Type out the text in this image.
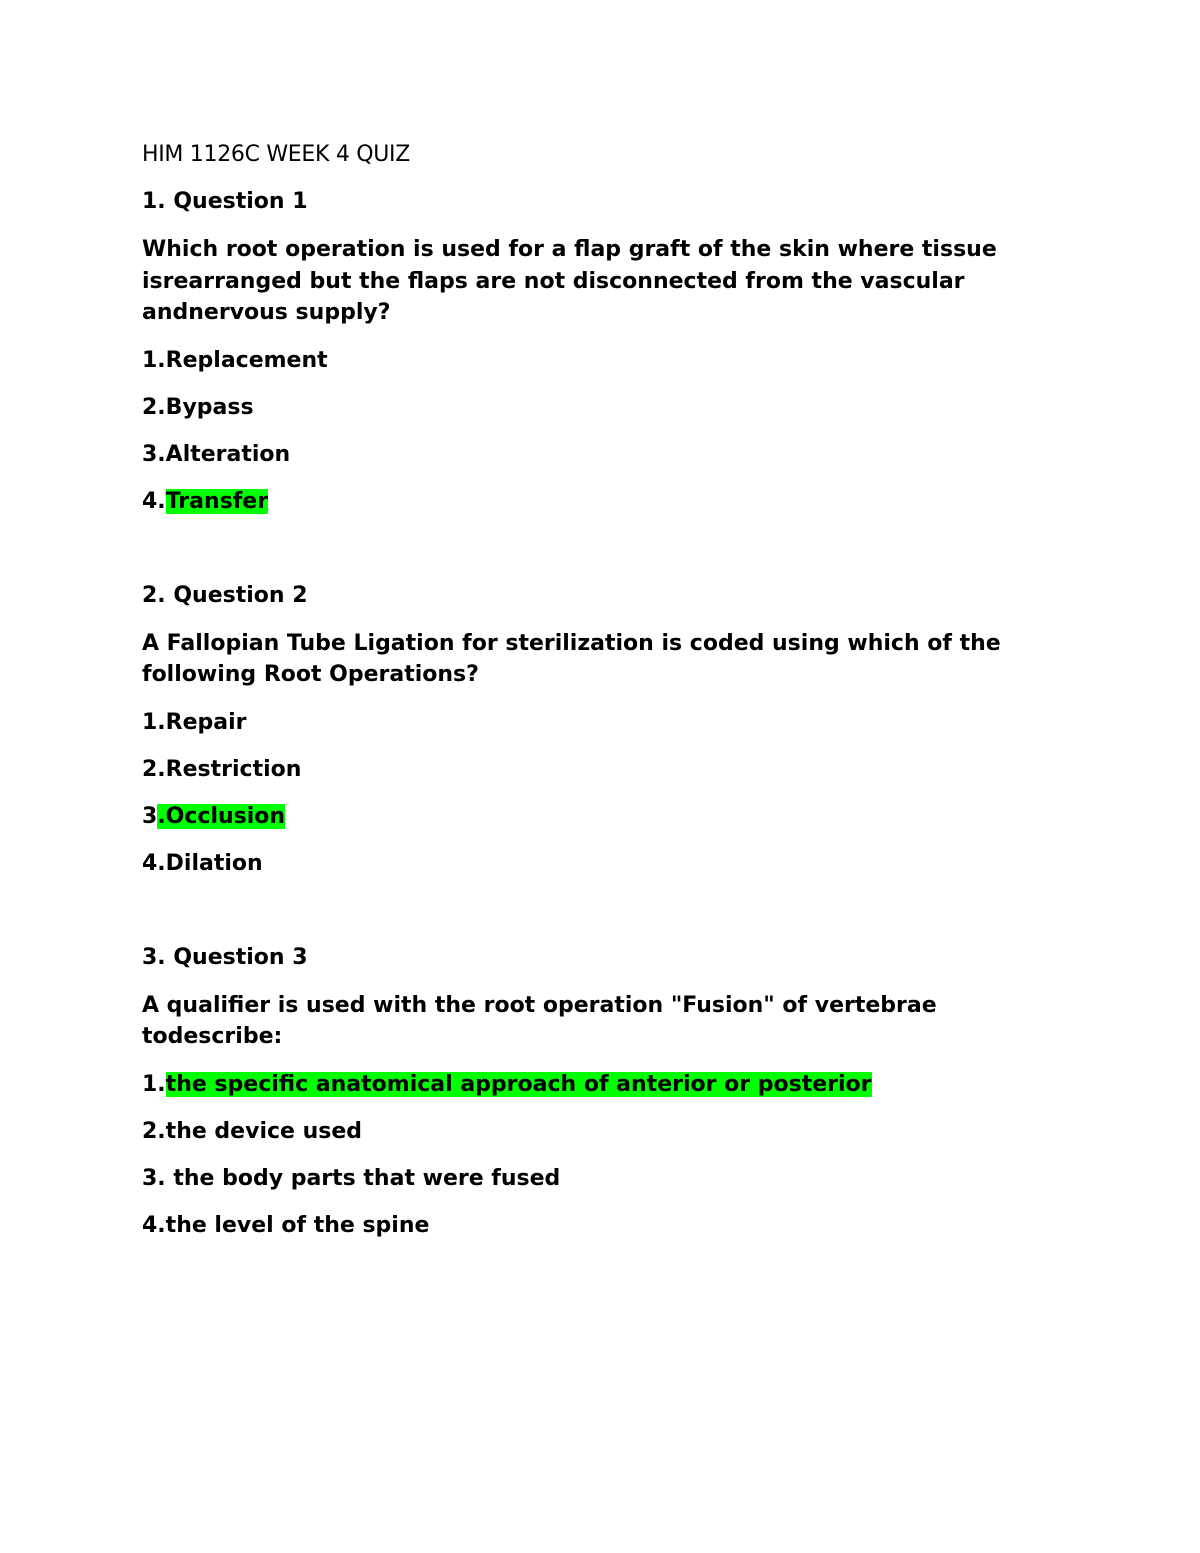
HIM 1126C WEEK 4 QUIZ

1. Question 1

Which root operation is used for a flap graft of the skin where tissue isrearranged but the flaps are not disconnected from the vascular andnervous supply?

1.Replacement

2.Bypass

3.Alteration

4.Transfer

2. Question 2

A Fallopian Tube Ligation for sterilization is coded using which of the following Root Operations?

1.Repair

2.Restriction

3.Occlusion

4.Dilation

3. Question 3

A qualifier is used with the root operation "Fusion" of vertebrae todescribe:

1.the specific anatomical approach of anterior or posterior

2.the device used

3. the body parts that were fused

4.the level of the spine
